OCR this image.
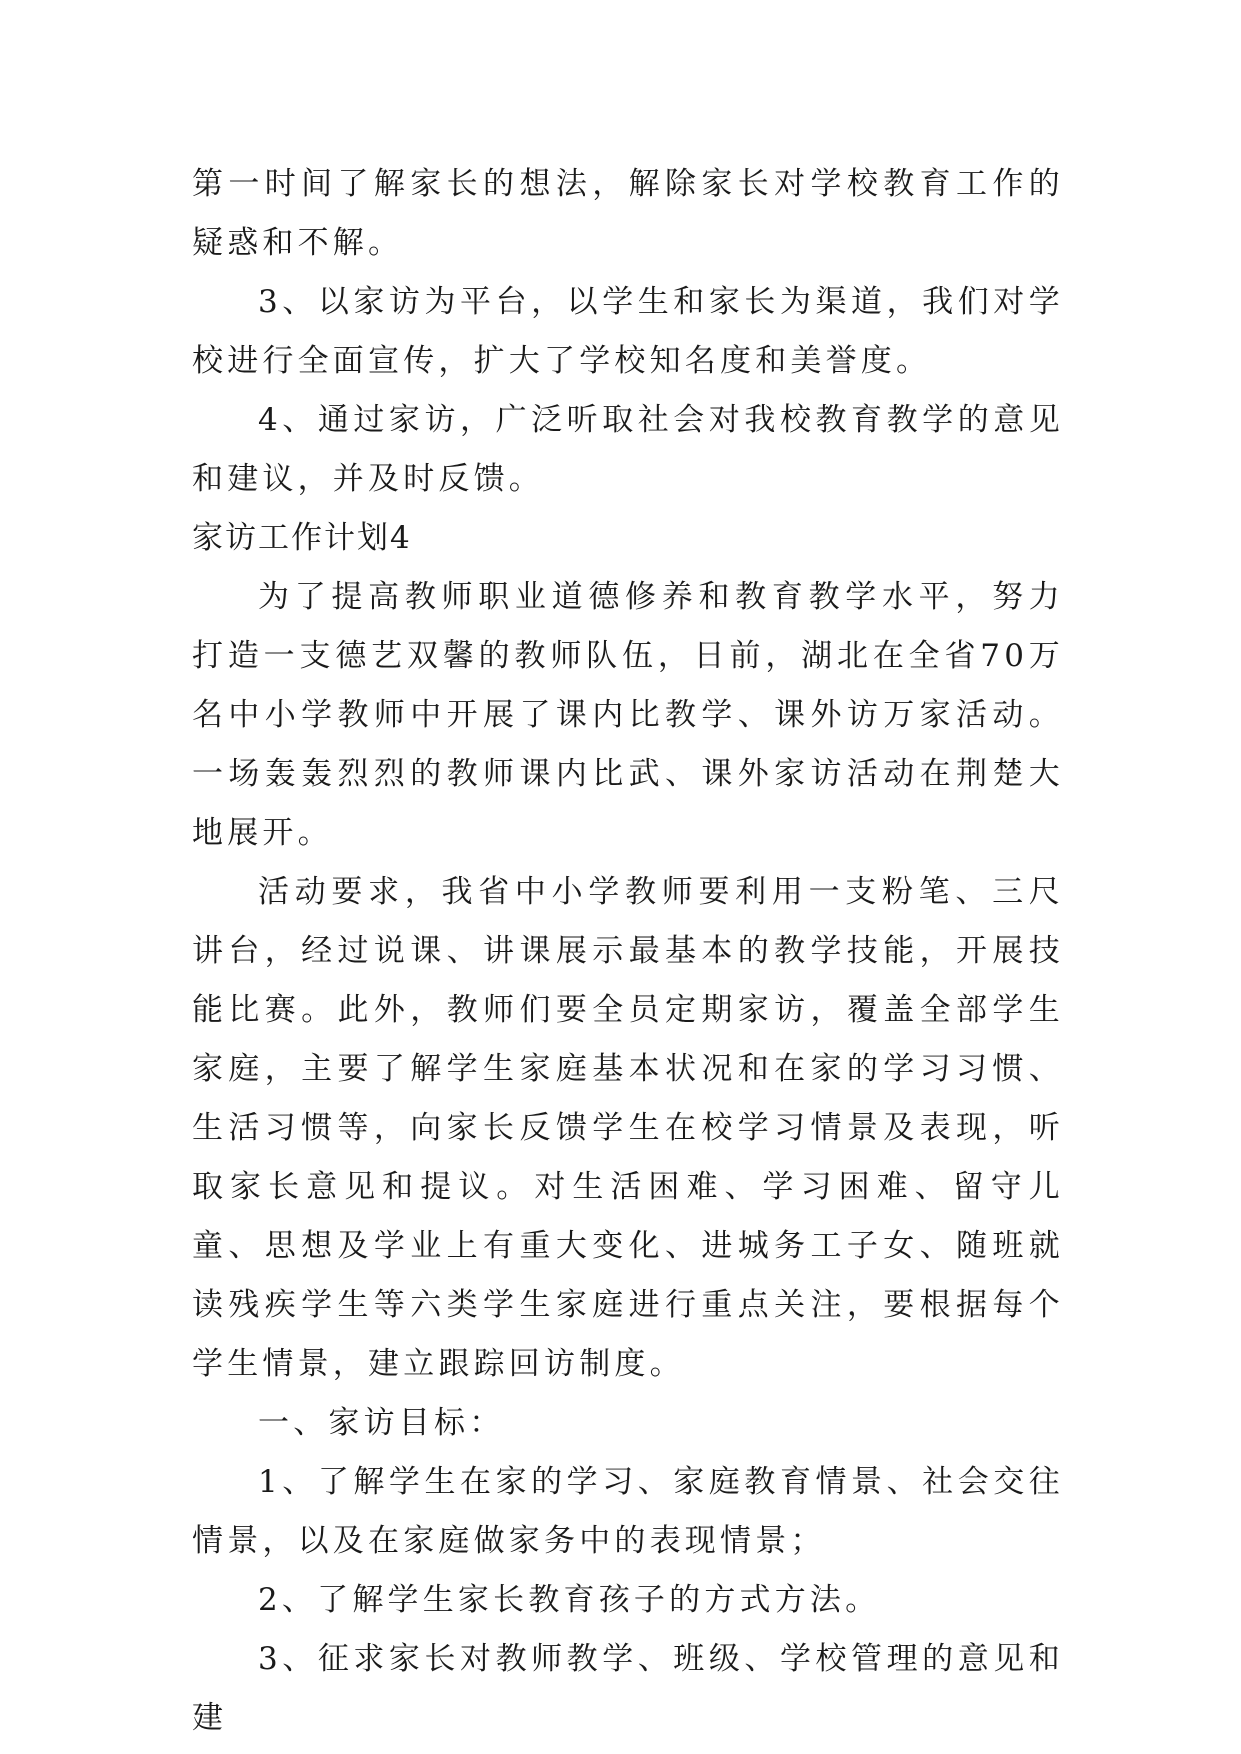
第一时间了解家长的想法，解除家长对学校教育工作的疑惑和不解。

3、以家访为平台，以学生和家长为渠道，我们对学校进行全面宣传，扩大了学校知名度和美誉度。

4、通过家访，广泛听取社会对我校教育教学的意见和建议，并及时反馈。

家访工作计划4

为了提高教师职业道德修养和教育教学水平，努力打造一支德艺双馨的教师队伍，日前，湖北在全省70万名中小学教师中开展了课内比教学、课外访万家活动。一场轰轰烈烈的教师课内比武、课外家访活动在荆楚大地展开。

活动要求，我省中小学教师要利用一支粉笔、三尺讲台，经过说课、讲课展示最基本的教学技能，开展技能比赛。此外，教师们要全员定期家访，覆盖全部学生家庭，主要了解学生家庭基本状况和在家的学习习惯、生活习惯等，向家长反馈学生在校学习情景及表现，听取家长意见和提议。对生活困难、学习困难、留守儿童、思想及学业上有重大变化、进城务工子女、随班就读残疾学生等六类学生家庭进行重点关注，要根据每个学生情景，建立跟踪回访制度。

一、家访目标：

1、了解学生在家的学习、家庭教育情景、社会交往情景，以及在家庭做家务中的表现情景；

2、了解学生家长教育孩子的方式方法。

3、征求家长对教师教学、班级、学校管理的意见和建
